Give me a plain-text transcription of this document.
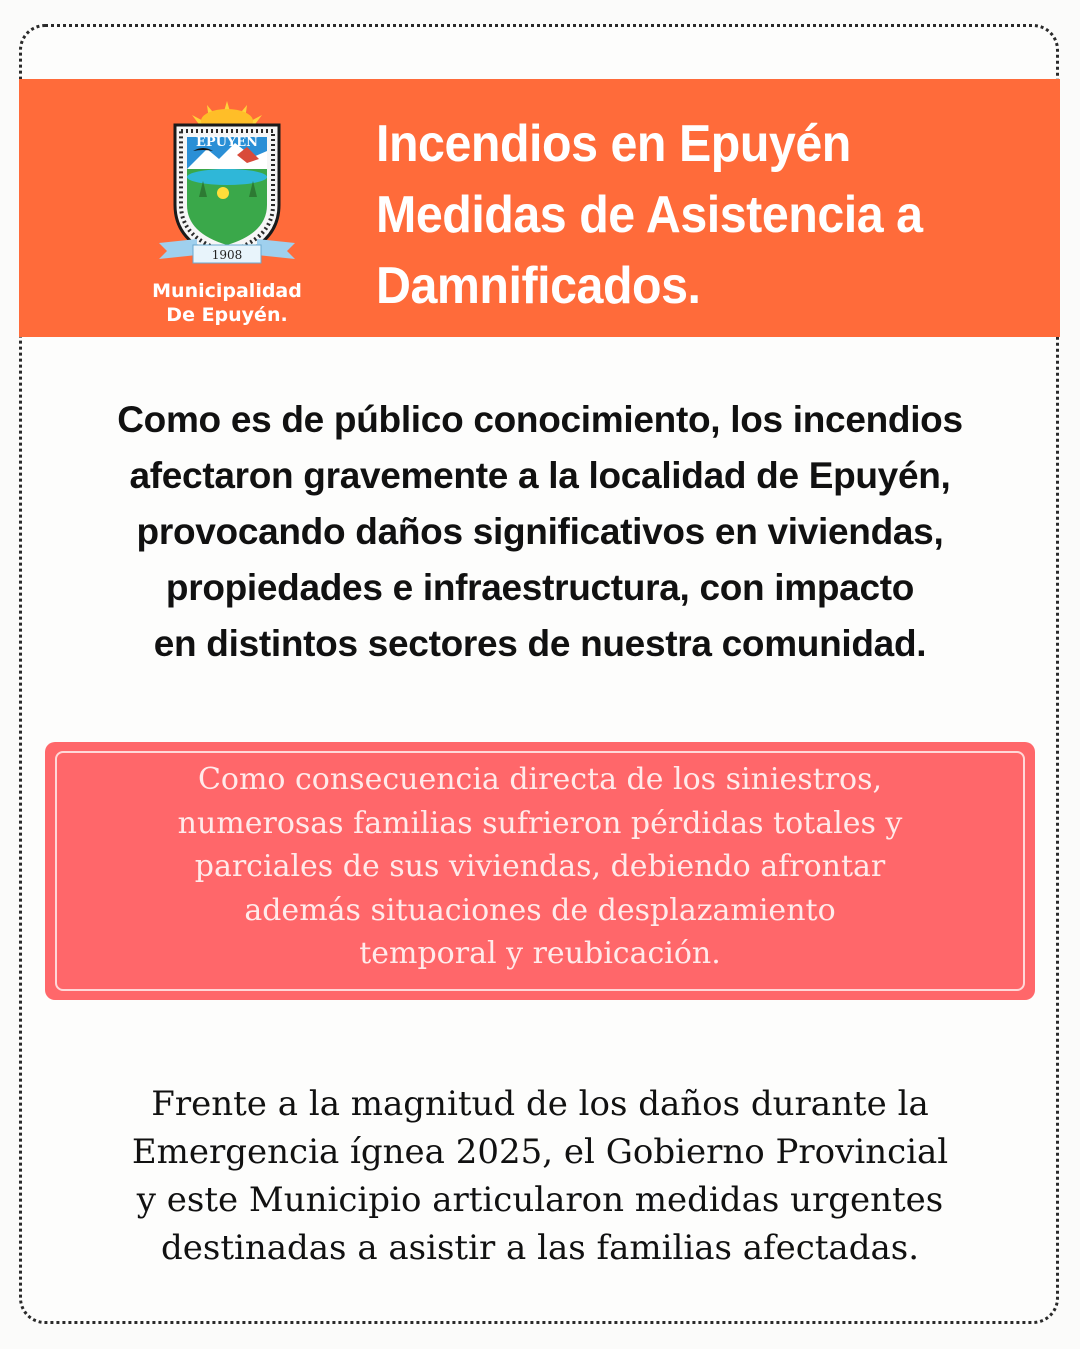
EPUYEN
1908
Municipalidad
De Epuyén.
Incendios en Epuyén
Medidas de Asistencia a
Damnificados.
Como es de público conocimiento, los incendios
afectaron gravemente a la localidad de Epuyén,
provocando daños significativos en viviendas,
propiedades e infraestructura, con impacto
en distintos sectores de nuestra comunidad.
Como consecuencia directa de los siniestros,
numerosas familias sufrieron pérdidas totales y
parciales de sus viviendas, debiendo afrontar
además situaciones de desplazamiento
temporal y reubicación.
Frente a la magnitud de los daños durante la
Emergencia ígnea 2025, el Gobierno Provincial
y este Municipio articularon medidas urgentes
destinadas a asistir a las familias afectadas.
